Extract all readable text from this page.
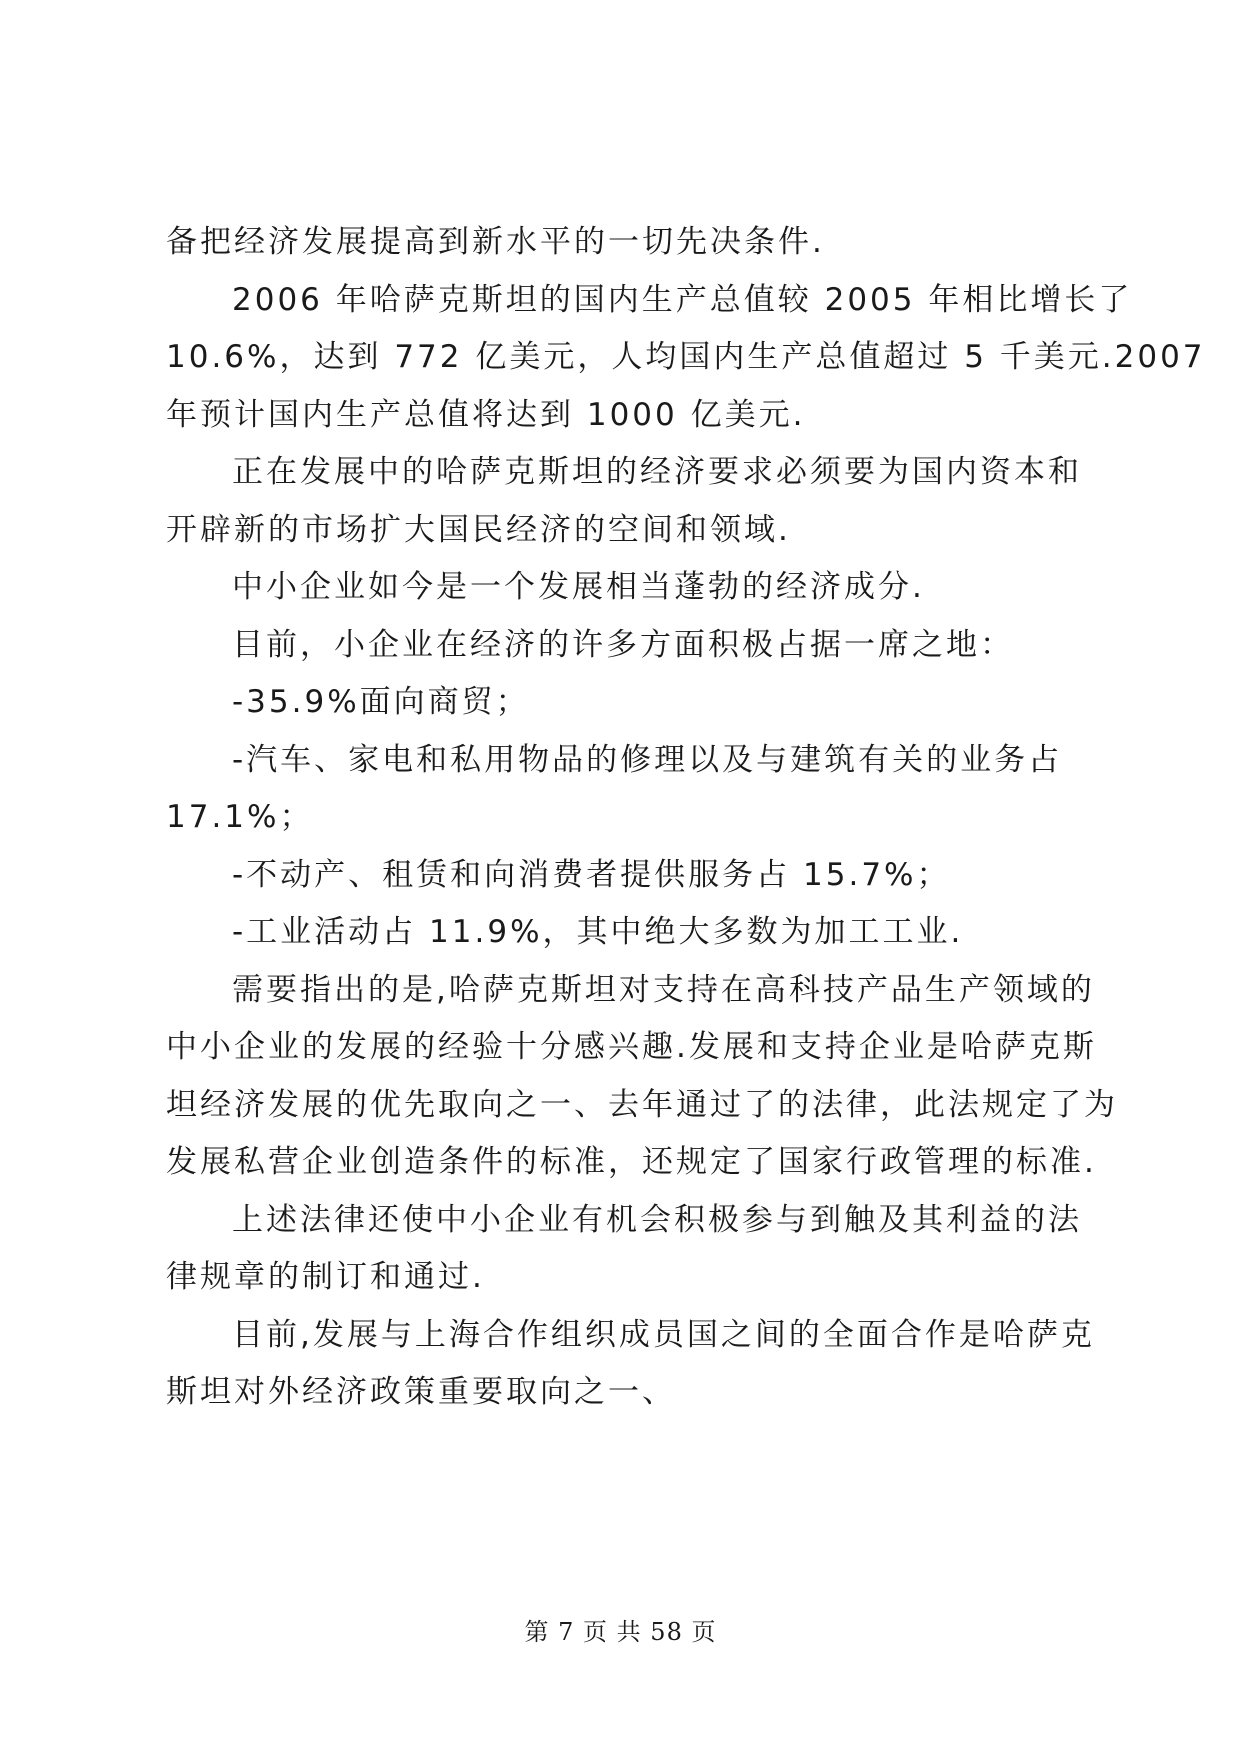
备把经济发展提高到新水平的一切先决条件.
2006 年哈萨克斯坦的国内生产总值较 2005 年相比增长了
10.6%，达到 772 亿美元，人均国内生产总值超过 5 千美元.2007
年预计国内生产总值将达到 1000 亿美元.
正在发展中的哈萨克斯坦的经济要求必须要为国内资本和
开辟新的市场扩大国民经济的空间和领域.
中小企业如今是一个发展相当蓬勃的经济成分.
目前，小企业在经济的许多方面积极占据一席之地：
-35.9%面向商贸；
-汽车、家电和私用物品的修理以及与建筑有关的业务占
17.1%；
-不动产、租赁和向消费者提供服务占 15.7%；
-工业活动占 11.9%，其中绝大多数为加工工业.
需要指出的是,哈萨克斯坦对支持在高科技产品生产领域的
中小企业的发展的经验十分感兴趣.发展和支持企业是哈萨克斯
坦经济发展的优先取向之一、去年通过了的法律，此法规定了为
发展私营企业创造条件的标准，还规定了国家行政管理的标准.
上述法律还使中小企业有机会积极参与到触及其利益的法
律规章的制订和通过.
目前,发展与上海合作组织成员国之间的全面合作是哈萨克
斯坦对外经济政策重要取向之一、
第 7 页 共 58 页
